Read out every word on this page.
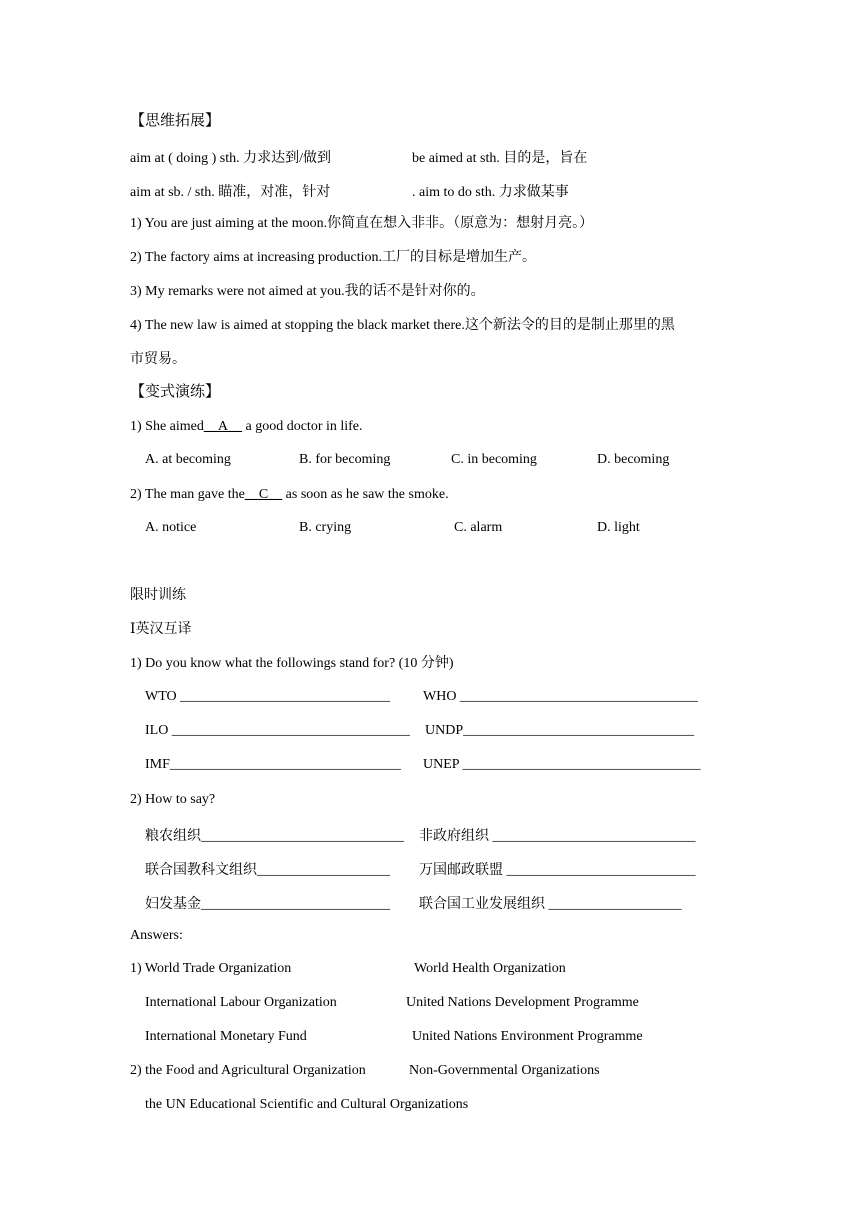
【思维拓展】
aim at ( doing ) sth. 力求达到/做到	be aimed at sth. 目的是，旨在
aim at sb. / sth. 瞄准，对准，针对	. aim to do sth. 力求做某事
1) You are just aiming at the moon.你简直在想入非非。（原意为：想射月亮。）
2) The factory aims at increasing production.工厂的目标是增加生产。
3) My remarks were not aimed at you.我的话不是针对你的。
4) The new law is aimed at stopping the black market there.这个新法令的目的是制止那里的黑
市贸易。
【变式演练】
1) She aimed__A__ a good doctor in life.
A. at becoming	B. for becoming	C. in becoming	D. becoming
2) The man gave the__C__ as soon as he saw the smoke.
A. notice	B. crying	C. alarm	D. light
限时训练
Ⅰ英汉互译
1) Do you know what the followings stand for? (10 分钟)
WTO ______________________________ WHO __________________________________
ILO __________________________________ UNDP_________________________________
IMF_________________________________ UNEP __________________________________
2) How to say?
粮农组织_____________________________ 非政府组织 _____________________________
联合国教科文组织___________________ 万国邮政联盟 ___________________________
妇发基金___________________________ 联合国工业发展组织 ___________________
Answers:
1) World Trade Organization	World Health Organization
International Labour Organization	United Nations Development Programme
International Monetary Fund	United Nations Environment Programme
2) the Food and Agricultural Organization	Non-Governmental Organizations
the UN Educational Scientific and Cultural Organizations
